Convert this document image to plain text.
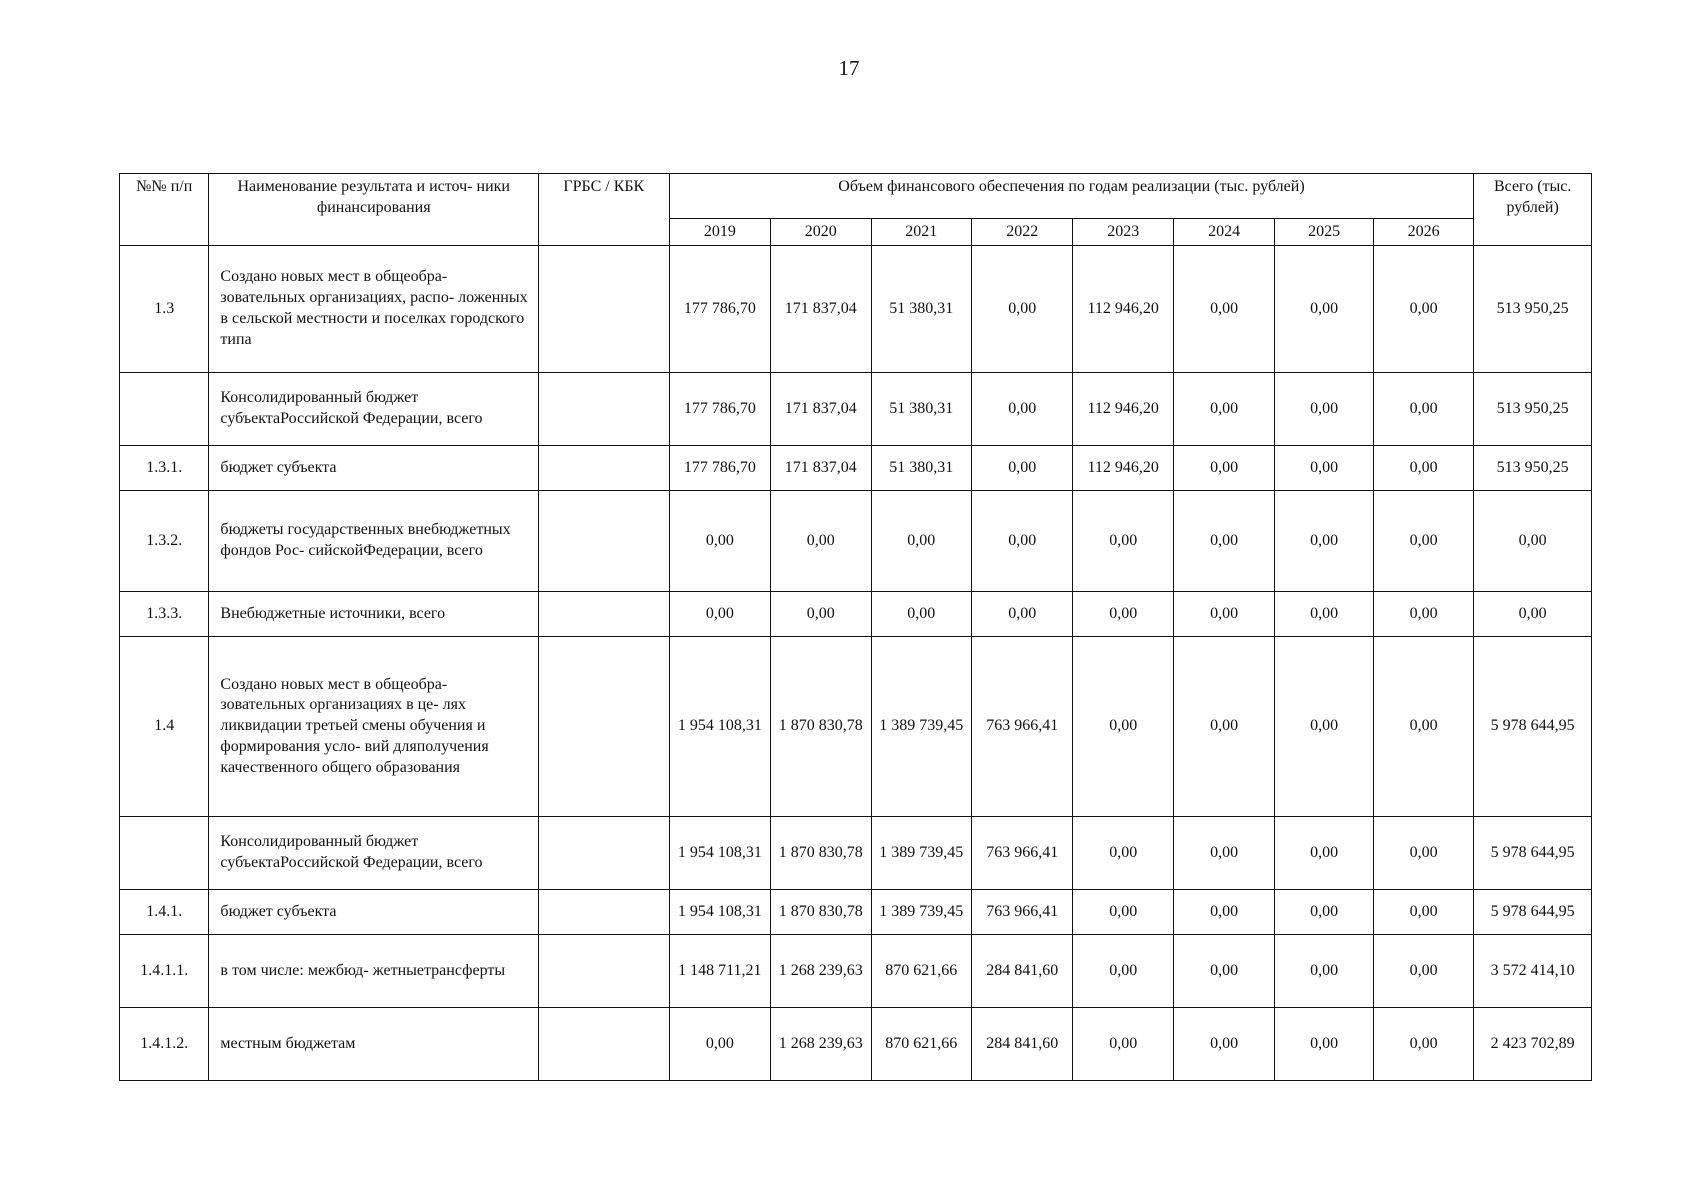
17
№№ п/п	Наименование результата и источ- ники финансирования	ГРБС / КБК	Объем финансового обеспечения по годам реализации (тыс. рублей)								Всего (тыс. рублей)
			2019	2020	2021	2022	2023	2024	2025	2026	
1.3	Создано новых мест в общеобра- зовательных организациях, распо- ложенных в сельской местности и поселках городского типа		177 786,70	171 837,04	51 380,31	0,00	112 946,20	0,00	0,00	0,00	513 950,25
	Консолидированный бюджет субъектаРоссийской Федерации, всего		177 786,70	171 837,04	51 380,31	0,00	112 946,20	0,00	0,00	0,00	513 950,25
1.3.1.	бюджет субъекта		177 786,70	171 837,04	51 380,31	0,00	112 946,20	0,00	0,00	0,00	513 950,25
1.3.2.	бюджеты государственных внебюджетных фондов Рос- сийскойФедерации, всего		0,00	0,00	0,00	0,00	0,00	0,00	0,00	0,00	0,00
1.3.3.	Внебюджетные источники, всего		0,00	0,00	0,00	0,00	0,00	0,00	0,00	0,00	0,00
1.4	Создано новых мест в общеобра- зовательных организациях в це- лях ликвидации третьей смены обучения и формирования усло- вий дляполучения качественного общего образования		1 954 108,31	1 870 830,78	1 389 739,45	763 966,41	0,00	0,00	0,00	0,00	5 978 644,95
	Консолидированный бюджет субъектаРоссийской Федерации, всего		1 954 108,31	1 870 830,78	1 389 739,45	763 966,41	0,00	0,00	0,00	0,00	5 978 644,95
1.4.1.	бюджет субъекта		1 954 108,31	1 870 830,78	1 389 739,45	763 966,41	0,00	0,00	0,00	0,00	5 978 644,95
1.4.1.1.	в том числе: межбюд- жетныетрансферты		1 148 711,21	1 268 239,63	870 621,66	284 841,60	0,00	0,00	0,00	0,00	3 572 414,10
1.4.1.2.	местным бюджетам		0,00	1 268 239,63	870 621,66	284 841,60	0,00	0,00	0,00	0,00	2 423 702,89
